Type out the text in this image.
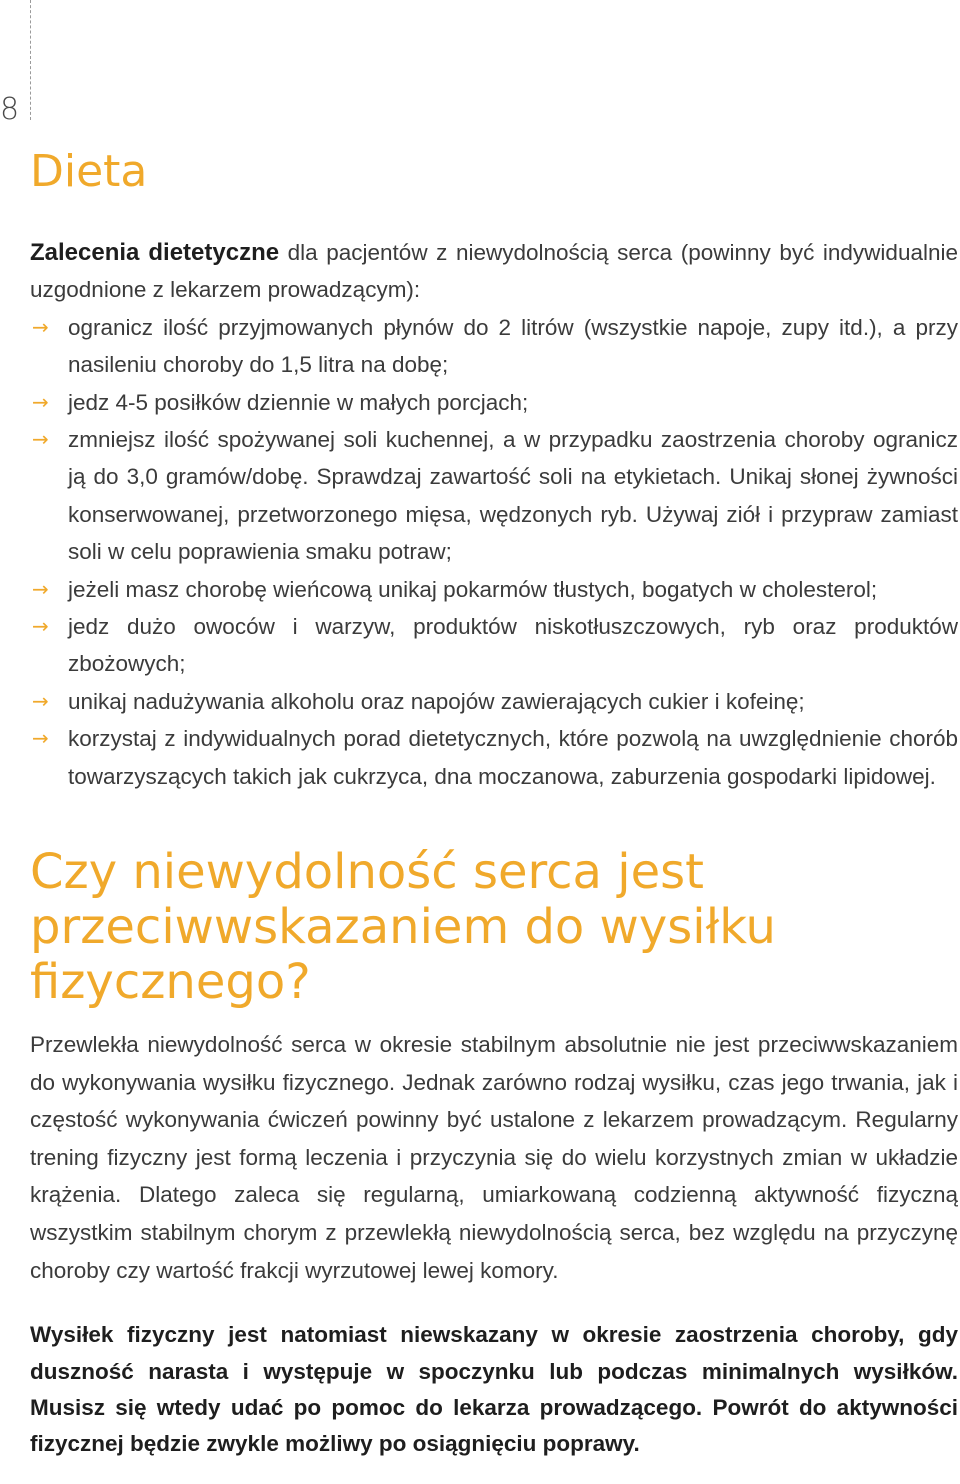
8
Dieta

Zalecenia dietetyczne dla pacjentów z niewydolnością serca (powinny być indywidualnie uzgodnione z lekarzem prowadzącym):

→ ogranicz ilość przyjmowanych płynów do 2 litrów (wszystkie napoje, zupy itd.), a przy nasileniu choroby do 1,5 litra na dobę;
→ jedz 4-5 posiłków dziennie w małych porcjach;
→ zmniejsz ilość spożywanej soli kuchennej, a w przypadku zaostrzenia choroby ogranicz ją do 3,0 gramów/dobę. Sprawdzaj zawartość soli na etykietach. Unikaj słonej żywności konserwowanej, przetworzonego mięsa, wędzonych ryb. Używaj ziół i przypraw zamiast soli w celu poprawienia smaku potraw;
→ jeżeli masz chorobę wieńcową unikaj pokarmów tłustych, bogatych w cholesterol;
→ jedz dużo owoców i warzyw, produktów niskotłuszczowych, ryb oraz produktów zbożowych;
→ unikaj nadużywania alkoholu oraz napojów zawierających cukier i kofeinę;
→ korzystaj z indywidualnych porad dietetycznych, które pozwolą na uwzględnienie chorób towarzyszących takich jak cukrzyca, dna moczanowa, zaburzenia gospodarki lipidowej.
Czy niewydolność serca jest przeciwwskazaniem do wysiłku fizycznego?

Przewlekła niewydolność serca w okresie stabilnym absolutnie nie jest przeciwwskazaniem do wykonywania wysiłku fizycznego. Jednak zarówno rodzaj wysiłku, czas jego trwania, jak i częstość wykonywania ćwiczeń powinny być ustalone z lekarzem prowadzącym. Regularny trening fizyczny jest formą leczenia i przyczynia się do wielu korzystnych zmian w układzie krążenia. Dlatego zaleca się regularną, umiarkowaną codzienną aktywność fizyczną wszystkim stabilnym chorym z przewlekłą niewydolnością serca, bez względu na przyczynę choroby czy wartość frakcji wyrzutowej lewej komory.

Wysiłek fizyczny jest natomiast niewskazany w okresie zaostrzenia choroby, gdy duszność narasta i występuje w spoczynku lub podczas minimalnych wysiłków. Musisz się wtedy udać po pomoc do lekarza prowadzącego. Powrót do aktywności fizycznej będzie zwykle możliwy po osiągnięciu poprawy.
